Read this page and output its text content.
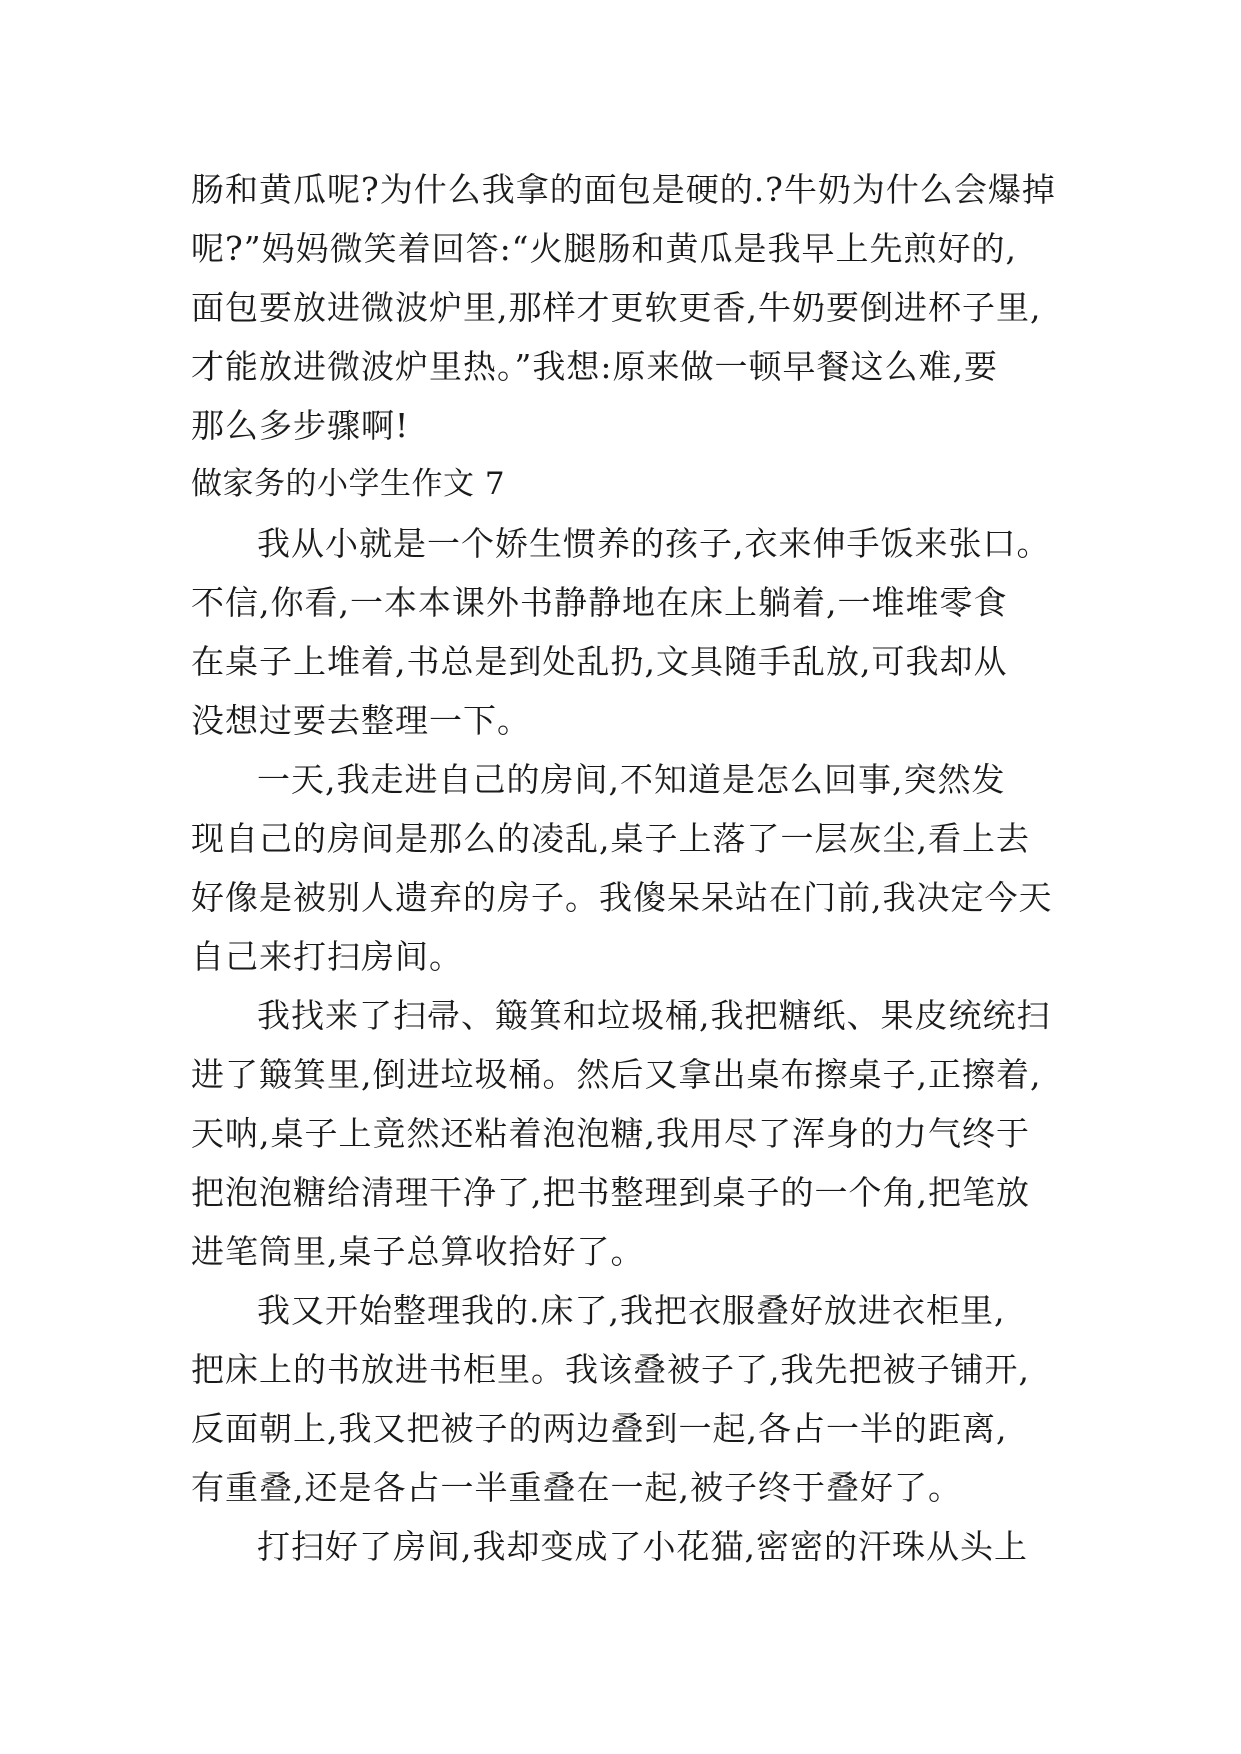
肠和黄瓜呢?为什么我拿的面包是硬的.?牛奶为什么会爆掉
呢?”妈妈微笑着回答:“火腿肠和黄瓜是我早上先煎好的,
面包要放进微波炉里,那样才更软更香,牛奶要倒进杯子里,
才能放进微波炉里热。”我想:原来做一顿早餐这么难,要
那么多步骤啊!
做家务的小学生作文 7
我从小就是一个娇生惯养的孩子,衣来伸手饭来张口。
不信,你看,一本本课外书静静地在床上躺着,一堆堆零食
在桌子上堆着,书总是到处乱扔,文具随手乱放,可我却从
没想过要去整理一下。
一天,我走进自己的房间,不知道是怎么回事,突然发
现自己的房间是那么的凌乱,桌子上落了一层灰尘,看上去
好像是被别人遗弃的房子。我傻呆呆站在门前,我决定今天
自己来打扫房间。
我找来了扫帚、簸箕和垃圾桶,我把糖纸、果皮统统扫
进了簸箕里,倒进垃圾桶。然后又拿出桌布擦桌子,正擦着,
天呐,桌子上竟然还粘着泡泡糖,我用尽了浑身的力气终于
把泡泡糖给清理干净了,把书整理到桌子的一个角,把笔放
进笔筒里,桌子总算收拾好了。
我又开始整理我的.床了,我把衣服叠好放进衣柜里,
把床上的书放进书柜里。我该叠被子了,我先把被子铺开,
反面朝上,我又把被子的两边叠到一起,各占一半的距离,
有重叠,还是各占一半重叠在一起,被子终于叠好了。
打扫好了房间,我却变成了小花猫,密密的汗珠从头上
